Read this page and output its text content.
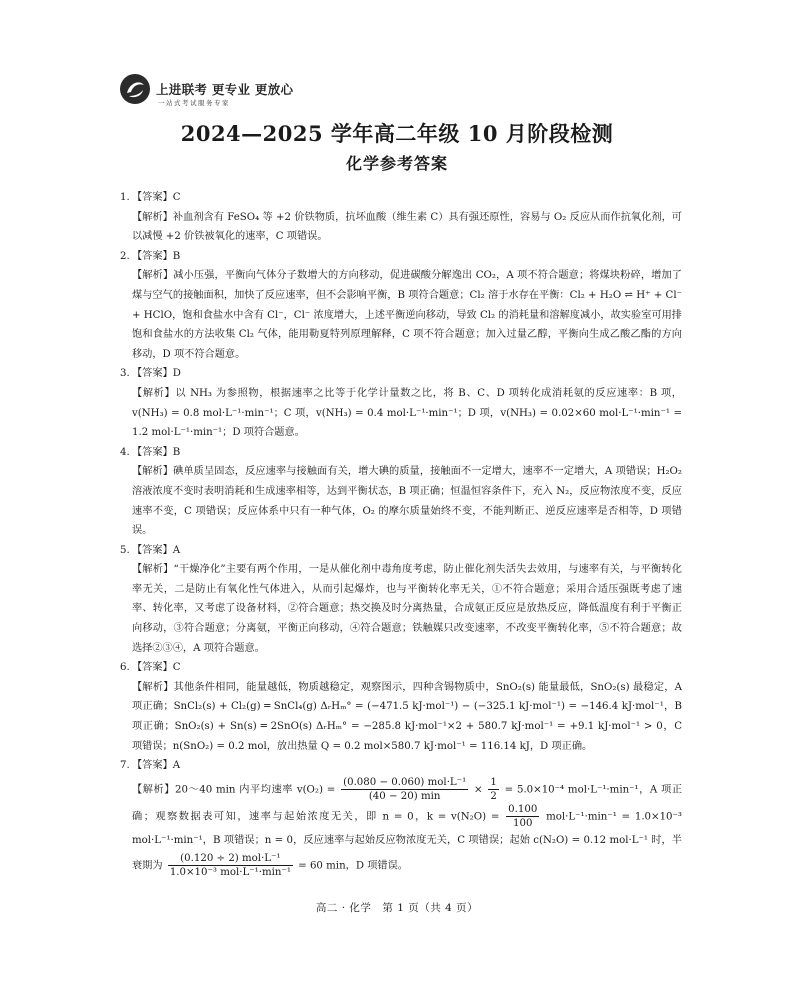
上进联考 更专业 更放心
一站式考试服务专家
2024—2025 学年高二年级 10 月阶段检测
化学参考答案
1. 【答案】C
【解析】补血剂含有 FeSO₄ 等 +2 价铁物质，抗坏血酸（维生素 C）具有强还原性，容易与 O₂ 反应从而作抗氧化剂，可以减慢 +2 价铁被氧化的速率，C 项错误。
2. 【答案】B
【解析】减小压强，平衡向气体分子数增大的方向移动，促进碳酸分解逸出 CO₂，A 项不符合题意；将煤块粉碎，增加了煤与空气的接触面积，加快了反应速率，但不会影响平衡，B 项符合题意；Cl₂ 溶于水存在平衡：Cl₂ + H₂O ⇌ H⁺ + Cl⁻ + HClO，饱和食盐水中含有 Cl⁻，Cl⁻ 浓度增大，上述平衡逆向移动，导致 Cl₂ 的消耗量和溶解度减小，故实验室可用排饱和食盐水的方法收集 Cl₂ 气体，能用勒夏特列原理解释，C 项不符合题意；加入过量乙醇，平衡向生成乙酸乙酯的方向移动，D 项不符合题意。
3. 【答案】D
【解析】以 NH₃ 为参照物，根据速率之比等于化学计量数之比，将 B、C、D 项转化成消耗氨的反应速率：B 项，v(NH₃) = 0.8 mol·L⁻¹·min⁻¹；C 项，v(NH₃) = 0.4 mol·L⁻¹·min⁻¹；D 项，v(NH₃) = 0.02×60 mol·L⁻¹·min⁻¹ = 1.2 mol·L⁻¹·min⁻¹；D 项符合题意。
4. 【答案】B
【解析】碘单质呈固态，反应速率与接触面有关，增大碘的质量，接触面不一定增大，速率不一定增大，A 项错误；H₂O₂ 溶液浓度不变时表明消耗和生成速率相等，达到平衡状态，B 项正确；恒温恒容条件下，充入 N₂，反应物浓度不变，反应速率不变，C 项错误；反应体系中只有一种气体，O₂ 的摩尔质量始终不变，不能判断正、逆反应速率是否相等，D 项错误。
5. 【答案】A
【解析】“干燥净化”主要有两个作用，一是从催化剂中毒角度考虑，防止催化剂失活失去效用，与速率有关，与平衡转化率无关，二是防止有氧化性气体进入，从而引起爆炸，也与平衡转化率无关，①不符合题意；采用合适压强既考虑了速率、转化率，又考虑了设备材料，②符合题意；热交换及时分离热量，合成氨正反应是放热反应，降低温度有利于平衡正向移动，③符合题意；分离氨，平衡正向移动，④符合题意；铁触媒只改变速率，不改变平衡转化率，⑤不符合题意；故选择②③④，A 项符合题意。
6. 【答案】C
【解析】其他条件相同，能量越低，物质越稳定，观察图示，四种含锡物质中，SnO₂(s) 能量最低，SnO₂(s) 最稳定，A 项正确；SnCl₂(s) + Cl₂(g) ═ SnCl₄(g) ΔᵣHₘ° = (−471.5 kJ·mol⁻¹) − (−325.1 kJ·mol⁻¹) = −146.4 kJ·mol⁻¹，B 项正确；SnO₂(s) + Sn(s) ═ 2SnO(s) ΔᵣHₘ° = −285.8 kJ·mol⁻¹×2 + 580.7 kJ·mol⁻¹ = +9.1 kJ·mol⁻¹ > 0，C 项错误；n(SnO₂) = 0.2 mol，放出热量 Q = 0.2 mol×580.7 kJ·mol⁻¹ = 116.14 kJ，D 项正确。
7. 【答案】A
【解析】20～40 min 内平均速率 $v(O_2) = \frac{\text{(0.080 − 0.060) mol·L⁻¹}}{(40 - 20) \min} \times \frac{1}{2} = 5.0\times 10^{-4}$ mol·L⁻¹·min⁻¹，A 项正确；观察数据表可知，速率与起始浓度无关，即 n = 0，$k = v(N_2O) = \frac{0.100}{100} mol\cdot L^{-1}\cdot\min^{-1} = 1.0\times 10^{-3}$ mol·L⁻¹·min⁻¹，B 项错误；n = 0，反应速率与起始反应物浓度无关，C 项错误；起始 c(N₂O) = 0.12 mol·L⁻¹ 时，半衰期为 $\frac{\text{(0.120 ÷ 2) mol·L⁻¹}}{\text{1.0×10⁻³ mol·L⁻¹·min⁻¹}} = 60$ min，D 项错误。
高二 · 化学　第 1 页（共 4 页）
